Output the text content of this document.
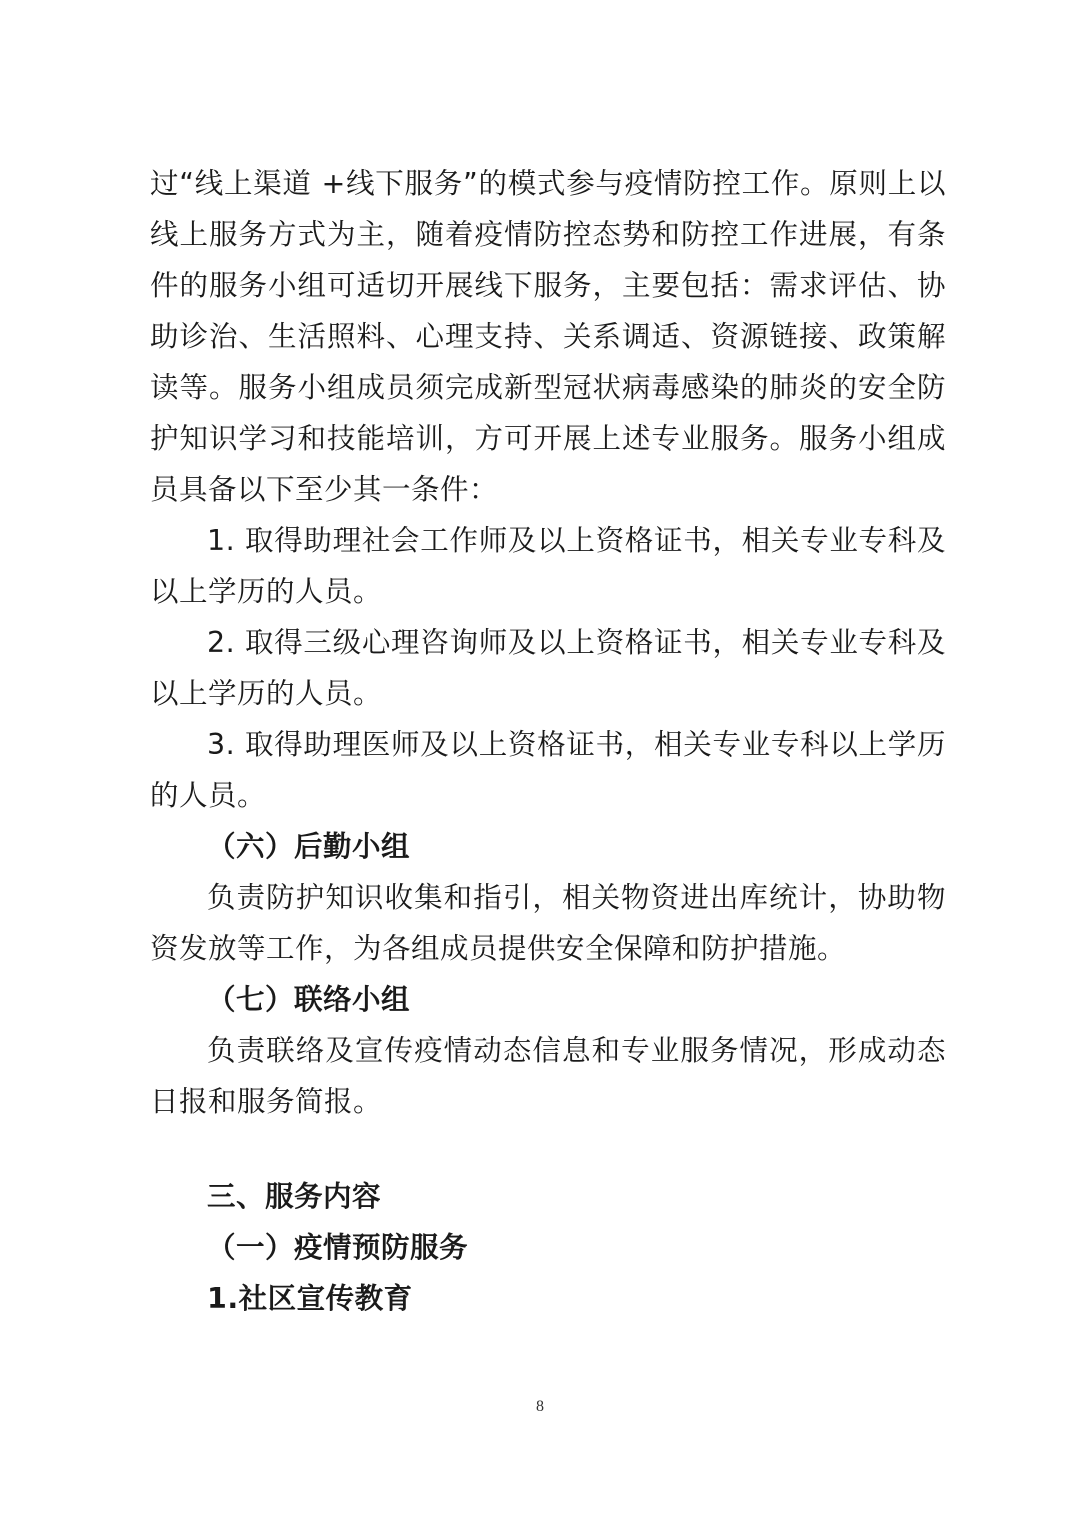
过“线上渠道 +线下服务”的模式参与疫情防控工作。原则上以线上服务方式为主，随着疫情防控态势和防控工作进展，有条件的服务小组可适切开展线下服务，主要包括：需求评估、协助诊治、生活照料、心理支持、关系调适、资源链接、政策解读等。服务小组成员须完成新型冠状病毒感染的肺炎的安全防护知识学习和技能培训，方可开展上述专业服务。服务小组成员具备以下至少其一条件：

1. 取得助理社会工作师及以上资格证书，相关专业专科及以上学历的人员。

2. 取得三级心理咨询师及以上资格证书，相关专业专科及以上学历的人员。

3. 取得助理医师及以上资格证书，相关专业专科以上学历的人员。

（六）后勤小组

负责防护知识收集和指引，相关物资进出库统计，协助物资发放等工作，为各组成员提供安全保障和防护措施。

（七）联络小组

负责联络及宣传疫情动态信息和专业服务情况，形成动态日报和服务简报。

三、服务内容

（一）疫情预防服务

1.社区宣传教育

8
